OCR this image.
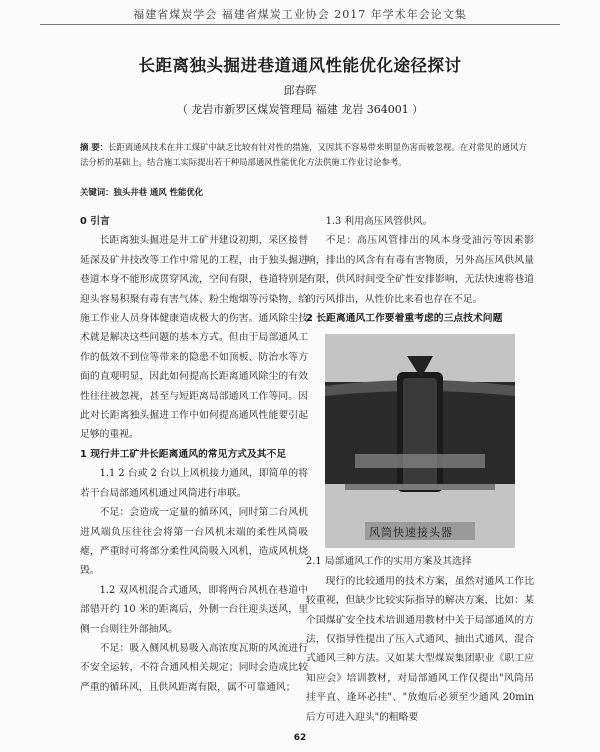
福建省煤炭学会 福建省煤炭工业协会 2017 年学术年会论文集
长距离独头掘进巷道通风性能优化途径探讨
邱春晖
（ 龙岩市新罗区煤炭管理局 福建 龙岩 364001 ）

摘 要：长距离通风技术在井工煤矿中缺乏比较有针对性的措施，又因其不容易带来明显伤害而被忽视。在对常见的通风方法分析的基础上，结合施工实际提出若干种局部通风性能优化方法供施工作业讨论参考。

关键词：独头井巷 通风 性能优化

0 引言

长距离独头掘进是井工矿井建设初期、采区接替延深及矿井技改等工作中常见的工程，由于独头掘进巷道本身不能形成贯穿风流，空间有限，巷道特别是迎头容易积聚有毒有害气体、粉尘炮烟等污染物，给施工作业人员身体健康造成极大的伤害。通风除尘技术就是解决这些问题的基本方式。但由于局部通风工作的低效不到位等带来的隐患不如顶板、防治水等方面的直观明显，因此如何提高长距离通风除尘的有效性往往被忽视，甚至与短距离局部通风工作等同。因此对长距离独头掘进工作中如何提高通风性能要引起足够的重视。

1 现行井工矿井长距离通风的常见方式及其不足

1.1 2 台或 2 台以上风机接力通风，即简单的将若干台局部通风机通过风筒进行串联。

不足：会造成一定量的循环风，同时第二台风机进风端负压往往会将第一台风机末端的柔性风筒吸瘪，严重时可将部分柔性风筒吸入风机，造成风机烧毁。

1.2 双风机混合式通风，即将两台风机在巷道中部错开约 10 米的距离后，外侧一台往迎头送风，里侧一台则往外部抽风。

不足：吸入侧风机易吸入高浓度瓦斯的风流进行不安全运转，不符合通风相关规定；同时会造成比较严重的循环风，且供风距离有限，属不可靠通风；

1.3 利用高压风管供风。

不足：高压风管排出的风本身受油污等因素影响，排出的风含有有毒有害物质，另外高压风供风量有限，供风时间受全矿性安排影响，无法快速将巷道的污风排出，从性价比来看也存在不足。

2 长距离通风工作要着重考虑的三点技术问题

风筒快速接头器

2.1 局部通风工作的实用方案及其选择

现行的比较通用的技术方案，虽然对通风工作比较重视，但缺少比较实际指导的解决方案，比如：某个国煤矿安全技术培训通用教材中关于局部通风的方法，仅指导性提出了压入式通风、抽出式通风、混合式通风三种方法。又如某大型煤炭集团职业《职工应知应会》培训教材，对局部通风工作仅提出"风筒吊挂平直、逢环必挂"、"放炮后必须至少通风 20min后方可进入迎头"的粗略要

62
